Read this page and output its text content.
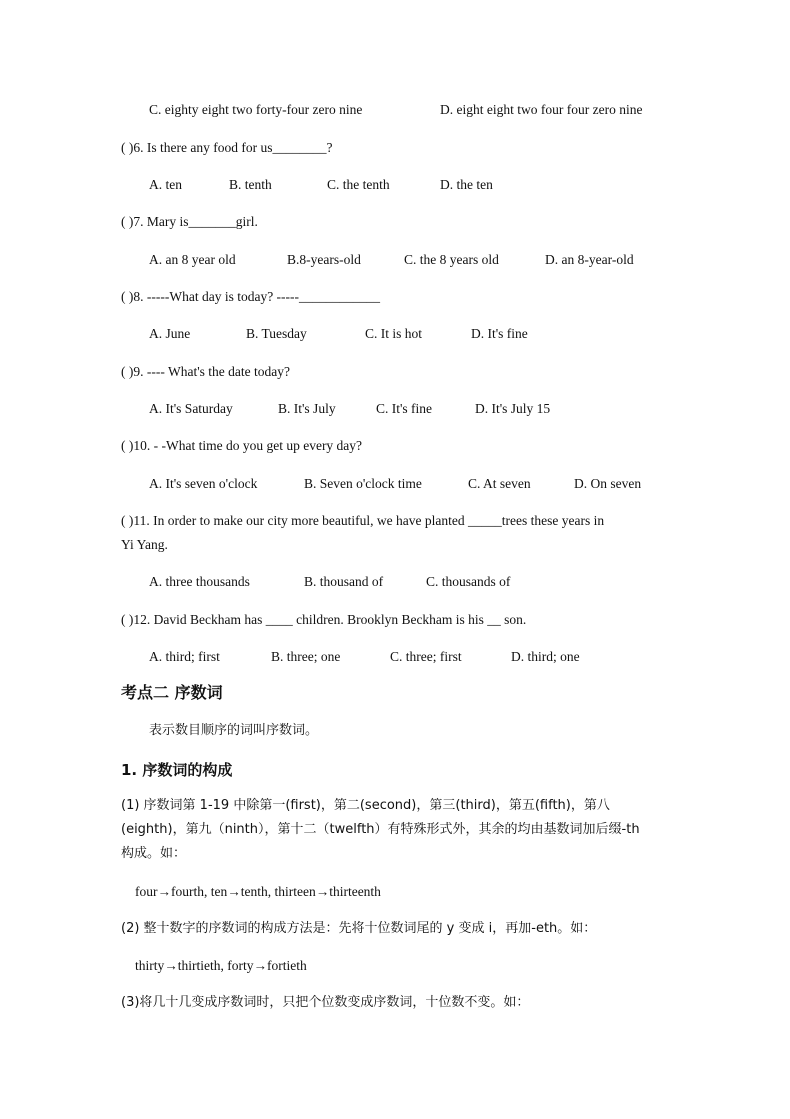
C. eighty eight two forty-four zero nine	D. eight eight two four four zero nine
( )6. Is there any food for us________?
A. ten	B. tenth	C. the tenth	D. the ten
( )7. Mary is_______girl.
A. an 8 year old	B.8-years-old	C. the 8 years old	D. an 8-year-old
( )8. -----What day is today? -----____________
A. June	B. Tuesday	C. It is hot	D. It's fine
( )9. ---- What's the date today?
A. It's Saturday	B. It's July	C. It's fine	D. It's July 15
( )10. - -What time do you get up every day?
A. It's seven o'clock	B. Seven o'clock time	C. At seven	D. On seven
( )11. In order to make our city more beautiful, we have planted _____trees these years in
Yi Yang.
A. three thousands	B. thousand of	C. thousands of
( )12. David Beckham has ____ children. Brooklyn Beckham is his __ son.
A. third; first	B. three; one	C. three; first	D. third; one
考点二 序数词
表示数目顺序的词叫序数词。
1. 序数词的构成
(1) 序数词第 1-19 中除第一(first)，第二(second)，第三(third)，第五(fifth)，第八
(eighth)，第九（ninth），第十二（twelfth）有特殊形式外，其余的均由基数词加后缀-th
构成。如：
four→fourth, ten→tenth, thirteen→thirteenth
(2) 整十数字的序数词的构成方法是：先将十位数词尾的 y 变成 i，再加-eth。如：
thirty→thirtieth, forty→fortieth
(3)将几十几变成序数词时，只把个位数变成序数词，十位数不变。如：
